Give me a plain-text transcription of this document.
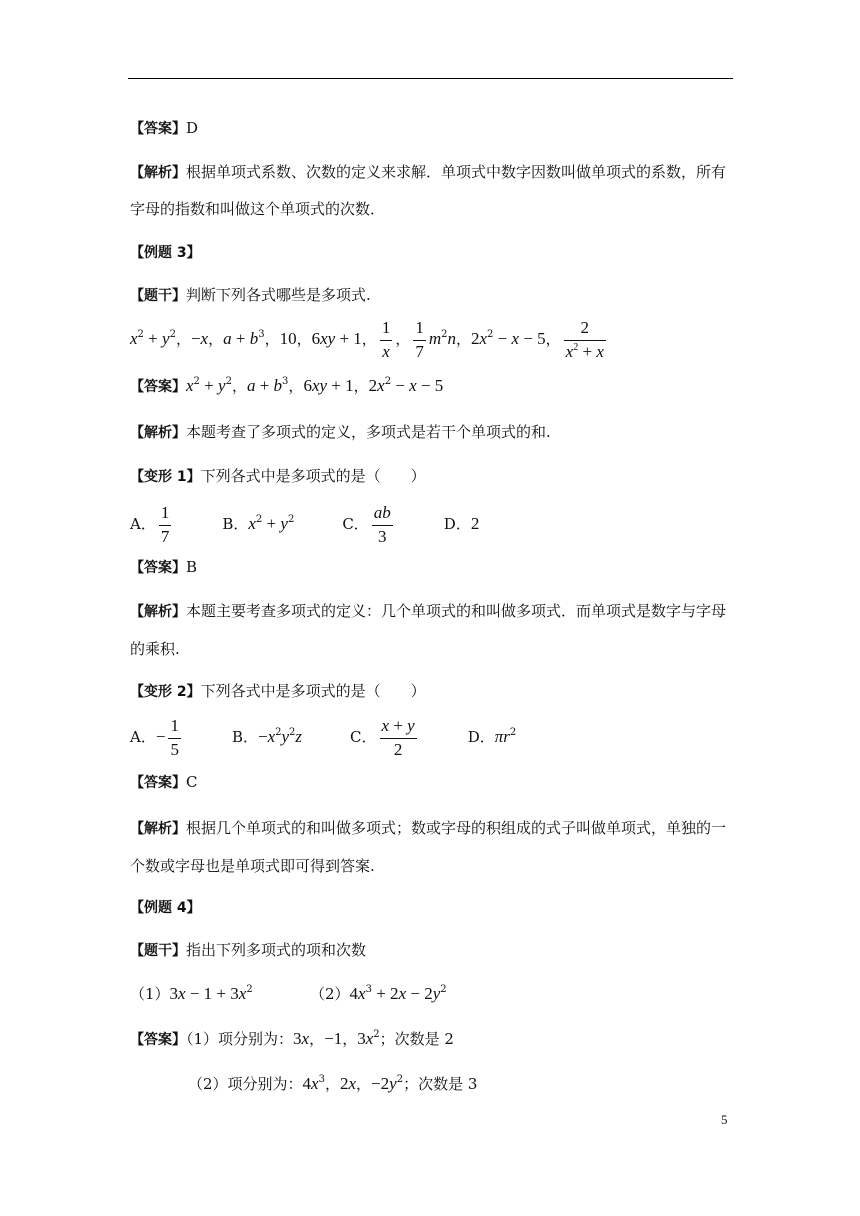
【答案】D
【解析】根据单项式系数、次数的定义来求解．单项式中数字因数叫做单项式的系数，所有
字母的指数和叫做这个单项式的次数．
【例题 3】
【题干】判断下列各式哪些是多项式.
$x^2 + y^2$，−x，$a + b^3$，10，6xy + 1， $\frac{1}{x}$ ， $\frac{1}{7} m^2n$，$2x^2 - x - 5$， $\frac{2}{x^2 + x}$
【答案】$x^2 + y^2$，$a + b^3$，6xy + 1，$2x^2 - x - 5$
【解析】本题考查了多项式的定义，多项式是若干个单项式的和.
【变形 1】下列各式中是多项式的是（　　）
A． $\frac{1}{7}$	B．$x^2 + y^2$	C． $\frac{ab}{3}$	D．2
【答案】B
【解析】本题主要考查多项式的定义：几个单项式的和叫做多项式．而单项式是数字与字母
的乘积.
【变形 2】下列各式中是多项式的是（　　）
A．− $\frac{1}{5}$	B．$-x^2y^2z$	C． $\frac{x + y}{2}$	D．$\pi r^2$
【答案】C
【解析】根据几个单项式的和叫做多项式；数或字母的积组成的式子叫做单项式，单独的一
个数或字母也是单项式即可得到答案.
【例题 4】
【题干】指出下列多项式的项和次数
$(1)3x - 1 + 3x^2$	$(2)4x^3 + 2x - 2y^2$
【答案】（1）项分别为：3x，−1，$3x^2$；次数是 2
（2）项分别为：$4x^3$，2x，$-2y^2$；次数是 3
5
